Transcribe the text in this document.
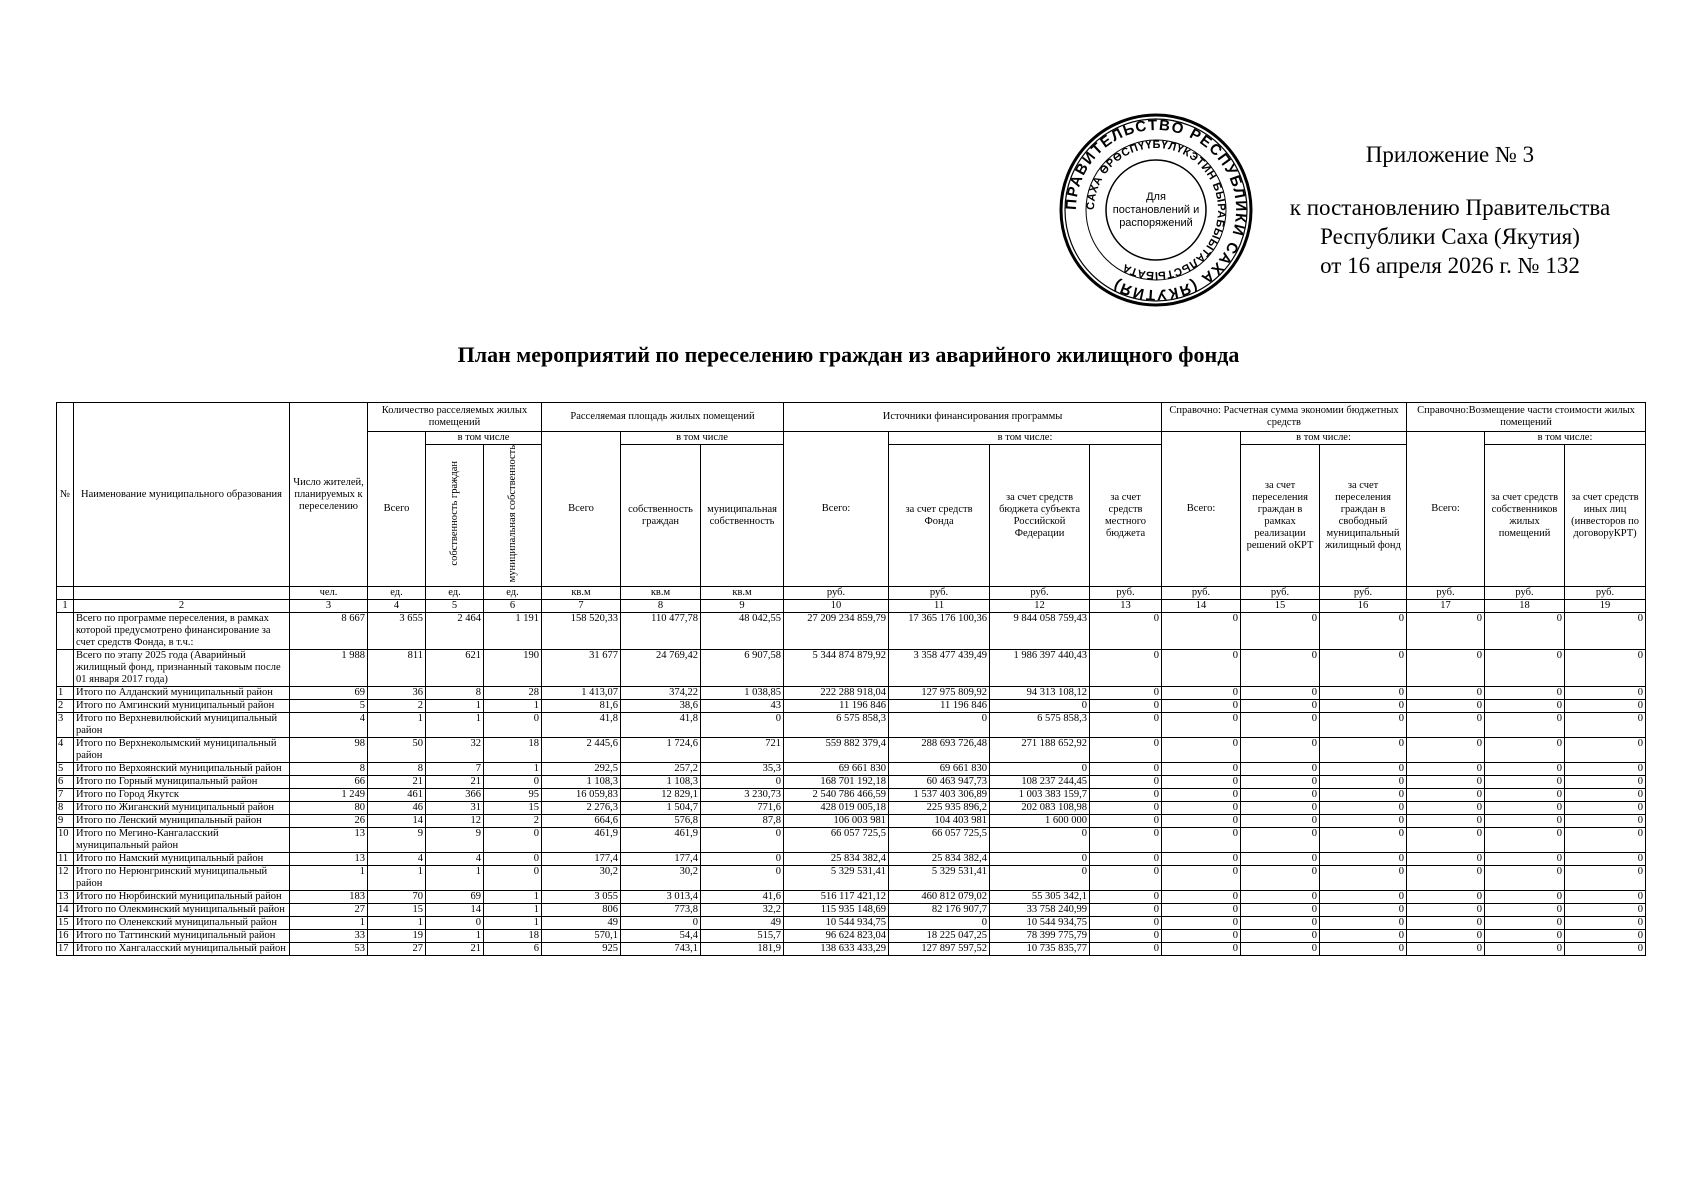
Приложение № 3
к постановлению Правительства
Республики Саха (Якутия)
от 16 апреля 2026 г. № 132
ПРАВИТЕЛЬСТВО РЕСПУБЛИКИ САХА (ЯКУТИЯ)
САХА ӨРӨСПҮҮБҮЛҮКЭТИН БЫРАБЫЫТАЛЬСТЫБАТА
Для
постановлений и
распоряжений
План мероприятий по переселению граждан из аварийного жилищного фонда
№	Наименование муниципального образования	Число жителей, планируемых к переселению	Количество расселяемых жилых помещений			Расселяемая площадь жилых помещений			Источники финансирования программы				Справочно: Расчетная сумма экономии бюджетных средств			Справочно:Возмещение части стоимости жилых помещений		
			Всего	в том числе		Всего	в том числе		Всего:	в том числе:			Всего:	в том числе:		Всего:	в том числе:	
				собственность граждан	муниципальная собственность		собственность граждан	муниципальная собственность		за счет средств Фонда	за счет средств бюджета субъекта Российской Федерации	за счет средств местного бюджета		за счет переселения граждан в рамках реализации решений оКРТ	за счет переселения граждан в свободный муниципальный жилищный фонд		за счет средств собственников жилых помещений	за счет средств иных лиц (инвесторов по договоруКРТ)
		чел.	ед.	ед.	ед.	кв.м	кв.м	кв.м	руб.	руб.	руб.	руб.	руб.	руб.	руб.	руб.	руб.	руб.
1	2	3	4	5	6	7	8	9	10	11	12	13	14	15	16	17	18	19
	Всего по программе переселения, в рамках которой предусмотрено финансирование за счет средств Фонда, в т.ч.:	8 667	3 655	2 464	1 191	158 520,33	110 477,78	48 042,55	27 209 234 859,79	17 365 176 100,36	9 844 058 759,43	0	0	0	0	0	0	0
	Всего по этапу 2025 года (Аварийный жилищный фонд, признанный таковым после 01 января 2017 года)	1 988	811	621	190	31 677	24 769,42	6 907,58	5 344 874 879,92	3 358 477 439,49	1 986 397 440,43	0	0	0	0	0	0	0
1	Итого по Алданский муниципальный район	69	36	8	28	1 413,07	374,22	1 038,85	222 288 918,04	127 975 809,92	94 313 108,12	0	0	0	0	0	0	0
2	Итого по Амгинский муниципальный район	5	2	1	1	81,6	38,6	43	11 196 846	11 196 846	0	0	0	0	0	0	0	0
3	Итого по Верхневилюйский муниципальный район	4	1	1	0	41,8	41,8	0	6 575 858,3	0	6 575 858,3	0	0	0	0	0	0	0
4	Итого по Верхнеколымский муниципальный район	98	50	32	18	2 445,6	1 724,6	721	559 882 379,4	288 693 726,48	271 188 652,92	0	0	0	0	0	0	0
5	Итого по Верхоянский муниципальный район	8	8	7	1	292,5	257,2	35,3	69 661 830	69 661 830	0	0	0	0	0	0	0	0
6	Итого по Горный муниципальный район	66	21	21	0	1 108,3	1 108,3	0	168 701 192,18	60 463 947,73	108 237 244,45	0	0	0	0	0	0	0
7	Итого по Город Якутск	1 249	461	366	95	16 059,83	12 829,1	3 230,73	2 540 786 466,59	1 537 403 306,89	1 003 383 159,7	0	0	0	0	0	0	0
8	Итого по Жиганский муниципальный район	80	46	31	15	2 276,3	1 504,7	771,6	428 019 005,18	225 935 896,2	202 083 108,98	0	0	0	0	0	0	0
9	Итого по Ленский муниципальный район	26	14	12	2	664,6	576,8	87,8	106 003 981	104 403 981	1 600 000	0	0	0	0	0	0	0
10	Итого по Мегино-Кангаласский муниципальный район	13	9	9	0	461,9	461,9	0	66 057 725,5	66 057 725,5	0	0	0	0	0	0	0	0
11	Итого по Намский муниципальный район	13	4	4	0	177,4	177,4	0	25 834 382,4	25 834 382,4	0	0	0	0	0	0	0	0
12	Итого по Нерюнгринский муниципальный район	1	1	1	0	30,2	30,2	0	5 329 531,41	5 329 531,41	0	0	0	0	0	0	0	0
13	Итого по Нюрбинский муниципальный район	183	70	69	1	3 055	3 013,4	41,6	516 117 421,12	460 812 079,02	55 305 342,1	0	0	0	0	0	0	0
14	Итого по Олекминский муниципальный район	27	15	14	1	806	773,8	32,2	115 935 148,69	82 176 907,7	33 758 240,99	0	0	0	0	0	0	0
15	Итого по Оленекский муниципальный район	1	1	0	1	49	0	49	10 544 934,75	0	10 544 934,75	0	0	0	0	0	0	0
16	Итого по Таттинский муниципальный район	33	19	1	18	570,1	54,4	515,7	96 624 823,04	18 225 047,25	78 399 775,79	0	0	0	0	0	0	0
17	Итого по Хангаласский муниципальный район	53	27	21	6	925	743,1	181,9	138 633 433,29	127 897 597,52	10 735 835,77	0	0	0	0	0	0	0
